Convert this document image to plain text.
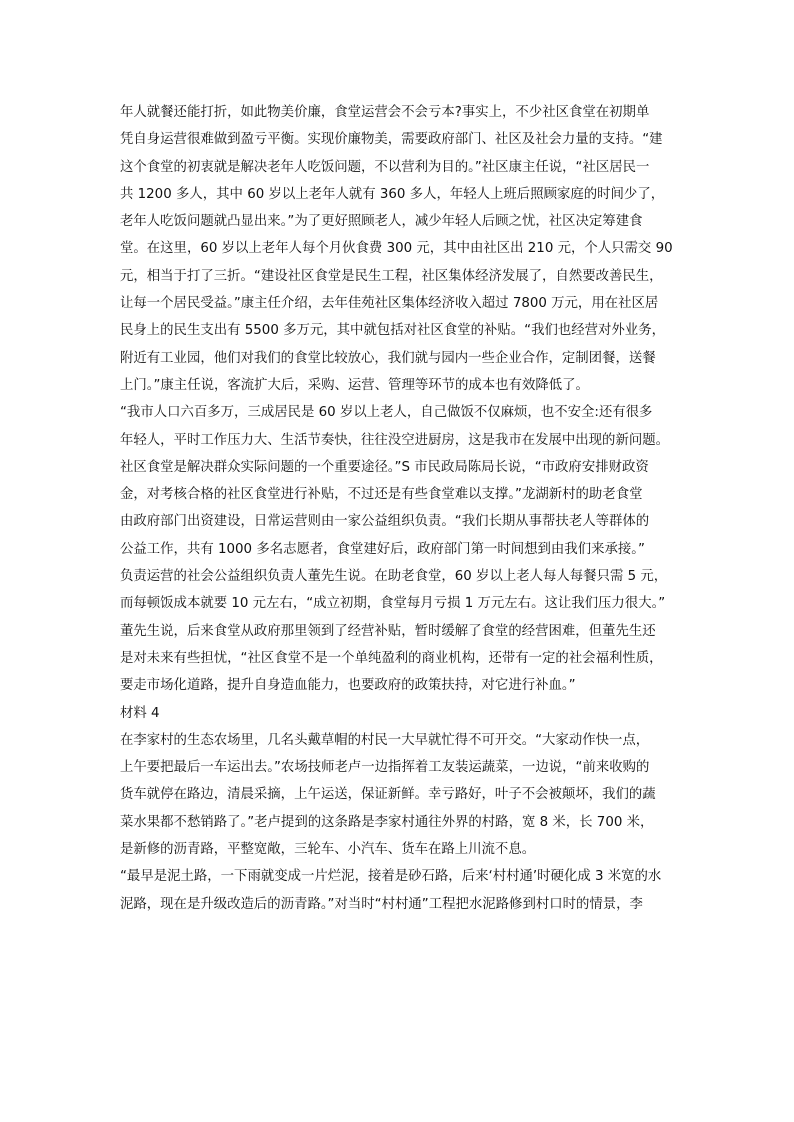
年人就餐还能打折，如此物美价廉，食堂运营会不会亏本?事实上，不少社区食堂在初期单
凭自身运营很难做到盈亏平衡。实现价廉物美，需要政府部门、社区及社会力量的支持。“建
这个食堂的初衷就是解决老年人吃饭问题，不以营利为目的。”社区康主任说，“社区居民一
共 1200 多人，其中 60 岁以上老年人就有 360 多人，年轻人上班后照顾家庭的时间少了，
老年人吃饭问题就凸显出来。”为了更好照顾老人，减少年轻人后顾之忧，社区决定筹建食
堂。在这里，60 岁以上老年人每个月伙食费 300 元，其中由社区出 210 元，个人只需交 90
元，相当于打了三折。“建设社区食堂是民生工程，社区集体经济发展了，自然要改善民生，
让每一个居民受益。”康主任介绍，去年佳苑社区集体经济收入超过 7800 万元，用在社区居
民身上的民生支出有 5500 多万元，其中就包括对社区食堂的补贴。“我们也经营对外业务，
附近有工业园，他们对我们的食堂比较放心，我们就与园内一些企业合作，定制团餐，送餐
上门。”康主任说，客流扩大后，采购、运营、管理等环节的成本也有效降低了。
“我市人口六百多万，三成居民是 60 岁以上老人，自己做饭不仅麻烦，也不安全:还有很多
年轻人，平时工作压力大、生活节奏快，往往没空进厨房，这是我市在发展中出现的新问题。
社区食堂是解决群众实际问题的一个重要途径。”S 市民政局陈局长说，“市政府安排财政资
金，对考核合格的社区食堂进行补贴，不过还是有些食堂难以支撑。”龙湖新村的助老食堂
由政府部门出资建设，日常运营则由一家公益组织负责。“我们长期从事帮扶老人等群体的
公益工作，共有 1000 多名志愿者，食堂建好后，政府部门第一时间想到由我们来承接。”
负责运营的社会公益组织负责人董先生说。在助老食堂，60 岁以上老人每人每餐只需 5 元，
而每顿饭成本就要 10 元左右，“成立初期，食堂每月亏损 1 万元左右。这让我们压力很大。”
董先生说，后来食堂从政府那里领到了经营补贴，暂时缓解了食堂的经营困难，但董先生还
是对未来有些担忧，“社区食堂不是一个单纯盈利的商业机构，还带有一定的社会福利性质，
要走市场化道路，提升自身造血能力，也要政府的政策扶持，对它进行补血。”
材料 4
在李家村的生态农场里，几名头戴草帽的村民一大早就忙得不可开交。“大家动作快一点，
上午要把最后一车运出去。”农场技师老卢一边指挥着工友装运蔬菜，一边说，“前来收购的
货车就停在路边，清晨采摘，上午运送，保证新鲜。幸亏路好，叶子不会被颠坏，我们的蔬
菜水果都不愁销路了。”老卢提到的这条路是李家村通往外界的村路，宽 8 米，长 700 米，
是新修的沥青路，平整宽敞，三轮车、小汽车、货车在路上川流不息。
“最早是泥土路，一下雨就变成一片烂泥，接着是砂石路，后来‘村村通’时硬化成 3 米宽的水
泥路，现在是升级改造后的沥青路。”对当时“村村通”工程把水泥路修到村口时的情景，李
